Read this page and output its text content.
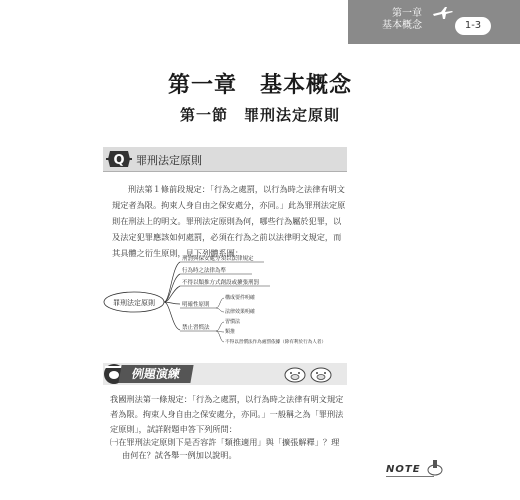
第一章
基本概念	1-3
第一章　基本概念
第一節　罪刑法定原則
Q 罪刑法定原則
刑法第１條前段規定：「行為之處罰，以行為時之法律有明文規定者為限。拘束人身自由之保安處分，亦同。」此為罪刑法定原則在刑法上的明文。罪刑法定原則為何，哪些行為屬於犯罪，以及法定犯罪應該如何處罰，必須在行為之前以法律明文規定，而其具體之衍生原則，見下列體系圖：
罪刑法定原則
刑罰與保安處分須以法律規定
行為時之法律為準
不得以類推方式創設或擴張刑罰
明確性原則
構成要件明確
法律效果明確
禁止習慣法
習慣法
類推
不得以習慣法作為處罰依據（除有利於行為人者）
例題演練
我國刑法第一條規定：「行為之處罰，以行為時之法律有明文規定者為限。拘束人身自由之保安處分，亦同。」一般稱之為「罪刑法定原則」，試詳附題申答下列所問：
㈠在罪刑法定原則下是否容許「類推適用」與「擴張解釋」？理
由何在？試各舉一例加以說明。
NOTE
